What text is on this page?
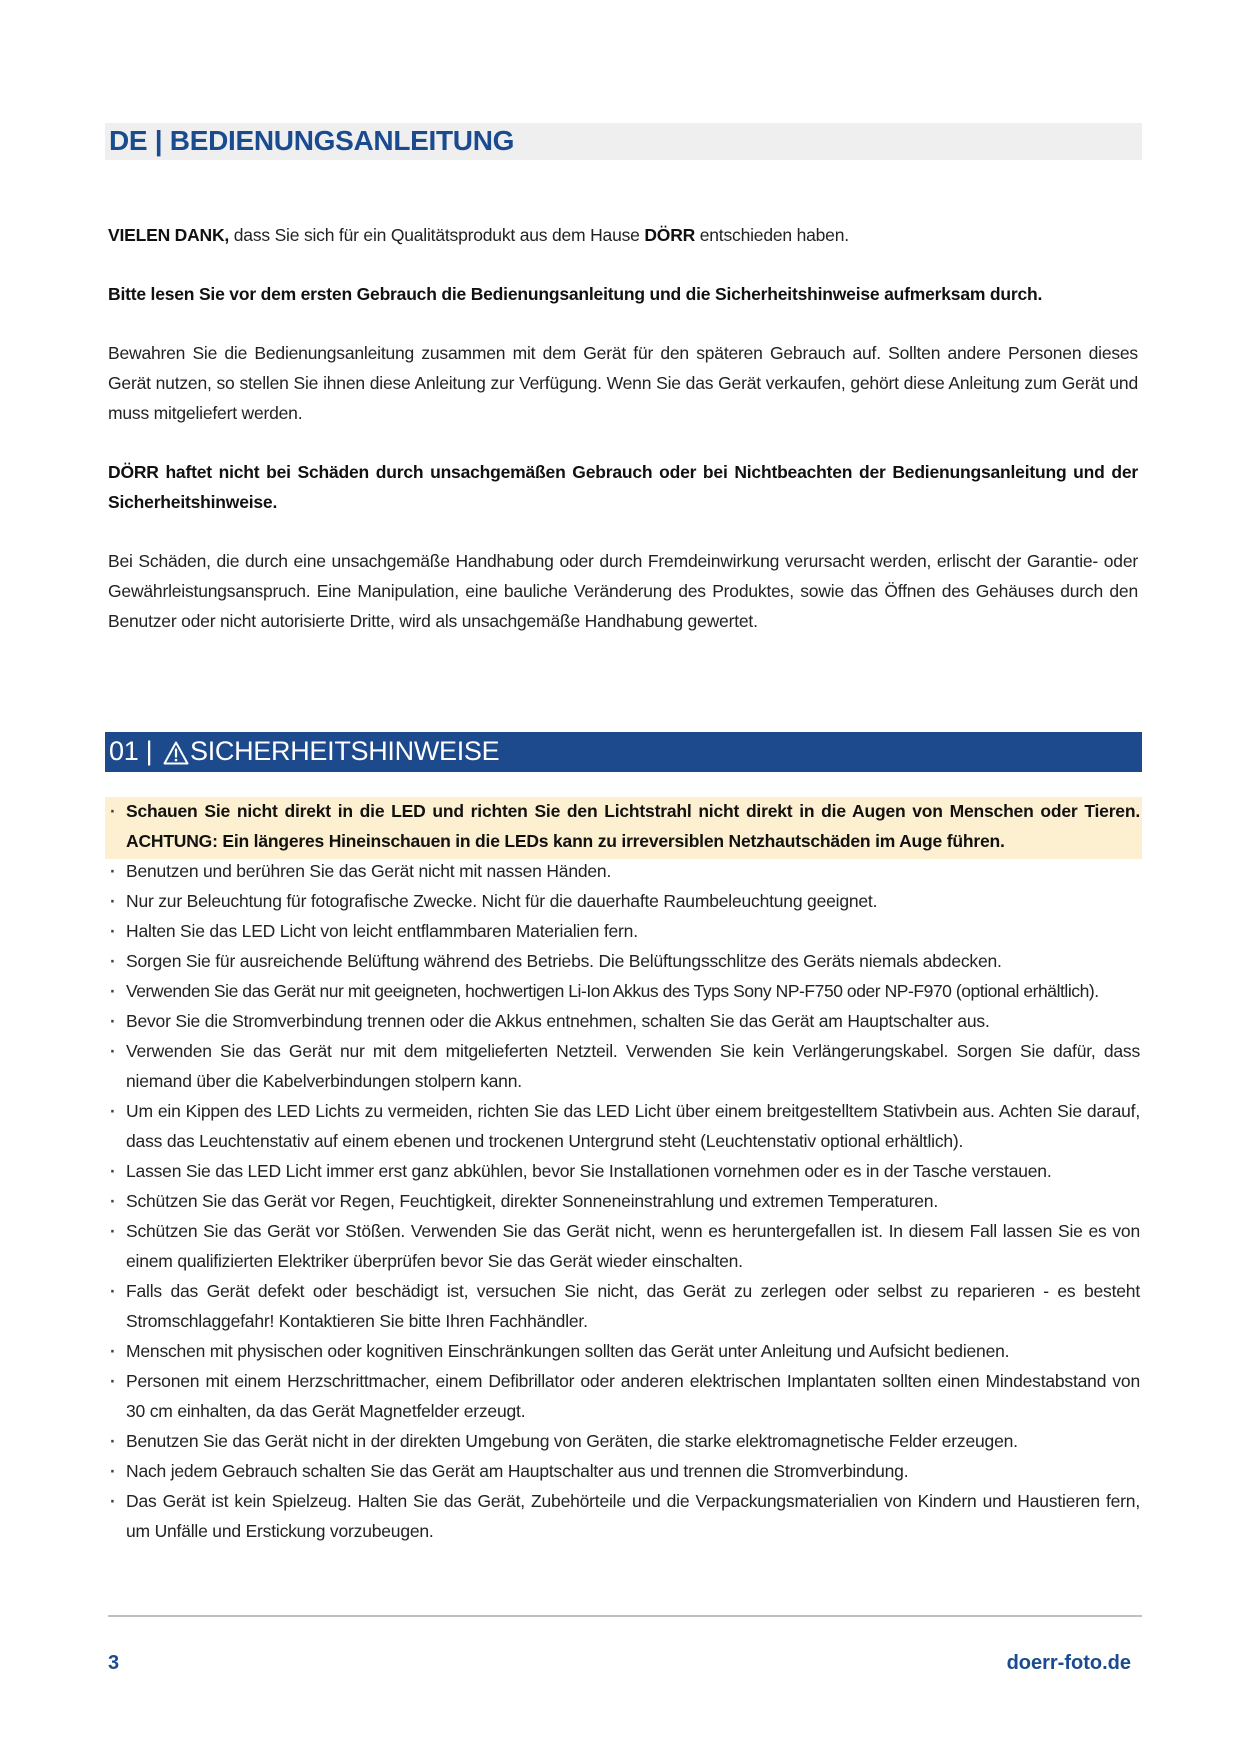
DE | BEDIENUNGSANLEITUNG
VIELEN DANK, dass Sie sich für ein Qualitätsprodukt aus dem Hause DÖRR entschieden haben.
Bitte lesen Sie vor dem ersten Gebrauch die Bedienungsanleitung und die Sicherheitshinweise aufmerksam durch.
Bewahren Sie die Bedienungsanleitung zusammen mit dem Gerät für den späteren Gebrauch auf. Sollten andere Personen dieses Gerät nutzen, so stellen Sie ihnen diese Anleitung zur Verfügung. Wenn Sie das Gerät verkaufen, gehört diese Anleitung zum Gerät und muss mitgeliefert werden.
DÖRR haftet nicht bei Schäden durch unsachgemäßen Gebrauch oder bei Nichtbeachten der Bedienungsanleitung und der Sicherheitshinweise.
Bei Schäden, die durch eine unsachgemäße Handhabung oder durch Fremdeinwirkung verursacht werden, erlischt der Garantie- oder Gewährleistungsanspruch. Eine Manipulation, eine bauliche Veränderung des Produktes, sowie das Öffnen des Gehäuses durch den Benutzer oder nicht autorisierte Dritte, wird als unsachgemäße Handhabung gewertet.
01 | SICHERHEITSHINWEISE
· Schauen Sie nicht direkt in die LED und richten Sie den Lichtstrahl nicht direkt in die Augen von Menschen oder Tieren. ACHTUNG: Ein längeres Hineinschauen in die LEDs kann zu irreversiblen Netzhautschäden im Auge führen.
· Benutzen und berühren Sie das Gerät nicht mit nassen Händen.
· Nur zur Beleuchtung für fotografische Zwecke. Nicht für die dauerhafte Raumbeleuchtung geeignet.
· Halten Sie das LED Licht von leicht entflammbaren Materialien fern.
· Sorgen Sie für ausreichende Belüftung während des Betriebs. Die Belüftungsschlitze des Geräts niemals abdecken.
· Verwenden Sie das Gerät nur mit geeigneten, hochwertigen Li-Ion Akkus des Typs Sony NP-F750 oder NP-F970 (optional erhältlich).
· Bevor Sie die Stromverbindung trennen oder die Akkus entnehmen, schalten Sie das Gerät am Hauptschalter aus.
· Verwenden Sie das Gerät nur mit dem mitgelieferten Netzteil. Verwenden Sie kein Verlängerungskabel. Sorgen Sie dafür, dass niemand über die Kabelverbindungen stolpern kann.
· Um ein Kippen des LED Lichts zu vermeiden, richten Sie das LED Licht über einem breitgestelltem Stativbein aus. Achten Sie darauf, dass das Leuchtenstativ auf einem ebenen und trockenen Untergrund steht (Leuchtenstativ optional erhältlich).
· Lassen Sie das LED Licht immer erst ganz abkühlen, bevor Sie Installationen vornehmen oder es in der Tasche verstauen.
· Schützen Sie das Gerät vor Regen, Feuchtigkeit, direkter Sonneneinstrahlung und extremen Temperaturen.
· Schützen Sie das Gerät vor Stößen. Verwenden Sie das Gerät nicht, wenn es heruntergefallen ist. In diesem Fall lassen Sie es von einem qualifizierten Elektriker überprüfen bevor Sie das Gerät wieder einschalten.
· Falls das Gerät defekt oder beschädigt ist, versuchen Sie nicht, das Gerät zu zerlegen oder selbst zu reparieren - es besteht Stromschlaggefahr! Kontaktieren Sie bitte Ihren Fachhändler.
· Menschen mit physischen oder kognitiven Einschränkungen sollten das Gerät unter Anleitung und Aufsicht bedienen.
· Personen mit einem Herzschrittmacher, einem Defibrillator oder anderen elektrischen Implantaten sollten einen Mindestabstand von 30 cm einhalten, da das Gerät Magnetfelder erzeugt.
· Benutzen Sie das Gerät nicht in der direkten Umgebung von Geräten, die starke elektromagnetische Felder erzeugen.
· Nach jedem Gebrauch schalten Sie das Gerät am Hauptschalter aus und trennen die Stromverbindung.
· Das Gerät ist kein Spielzeug. Halten Sie das Gerät, Zubehörteile und die Verpackungsmaterialien von Kindern und Haustieren fern, um Unfälle und Erstickung vorzubeugen.
3	doerr-foto.de
